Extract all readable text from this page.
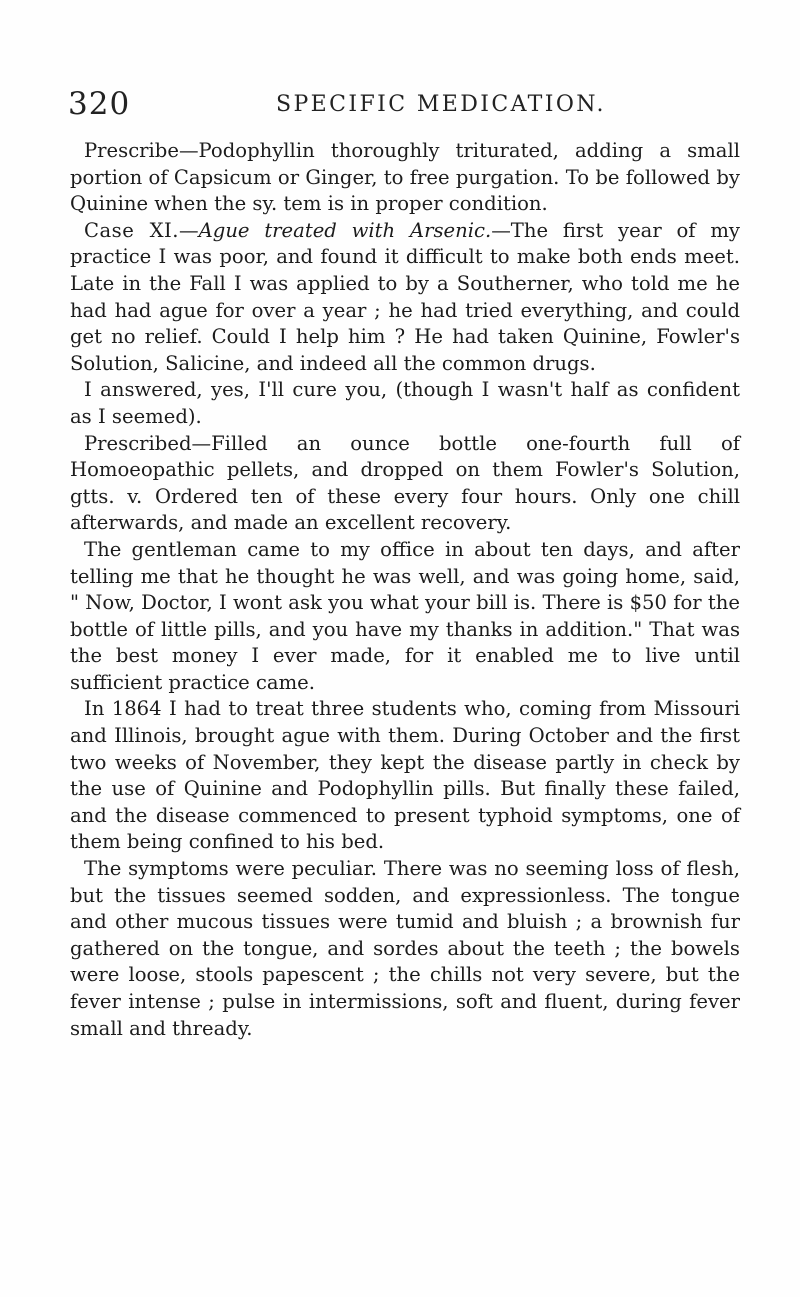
320	SPECIFIC MEDICATION.

Prescribe—Podophyllin thoroughly triturated, adding a small portion of Capsicum or Ginger, to free purgation. To be followed by Quinine when the sy. tem is in proper condition.

Case XI.—Ague treated with Arsenic.—The first year of my practice I was poor, and found it difficult to make both ends meet. Late in the Fall I was applied to by a Southerner, who told me he had had ague for over a year ; he had tried everything, and could get no relief. Could I help him ? He had taken Quinine, Fowler's Solution, Salicine, and indeed all the common drugs.

I answered, yes, I'll cure you, (though I wasn't half as confident as I seemed).

Prescribed—Filled an ounce bottle one-fourth full of Homoeopathic pellets, and dropped on them Fowler's Solution, gtts. v. Ordered ten of these every four hours. Only one chill afterwards, and made an excellent recovery.

The gentleman came to my office in about ten days, and after telling me that he thought he was well, and was going home, said, " Now, Doctor, I wont ask you what your bill is. There is $50 for the bottle of little pills, and you have my thanks in addition." That was the best money I ever made, for it enabled me to live until sufficient practice came.

In 1864 I had to treat three students who, coming from Missouri and Illinois, brought ague with them. During October and the first two weeks of November, they kept the disease partly in check by the use of Quinine and Podophyllin pills. But finally these failed, and the disease commenced to present typhoid symptoms, one of them being confined to his bed.

The symptoms were peculiar. There was no seeming loss of flesh, but the tissues seemed sodden, and expressionless. The tongue and other mucous tissues were tumid and bluish ; a brownish fur gathered on the tongue, and sordes about the teeth ; the bowels were loose, stools papescent ; the chills not very severe, but the fever intense ; pulse in intermissions, soft and fluent, during fever small and thready.
